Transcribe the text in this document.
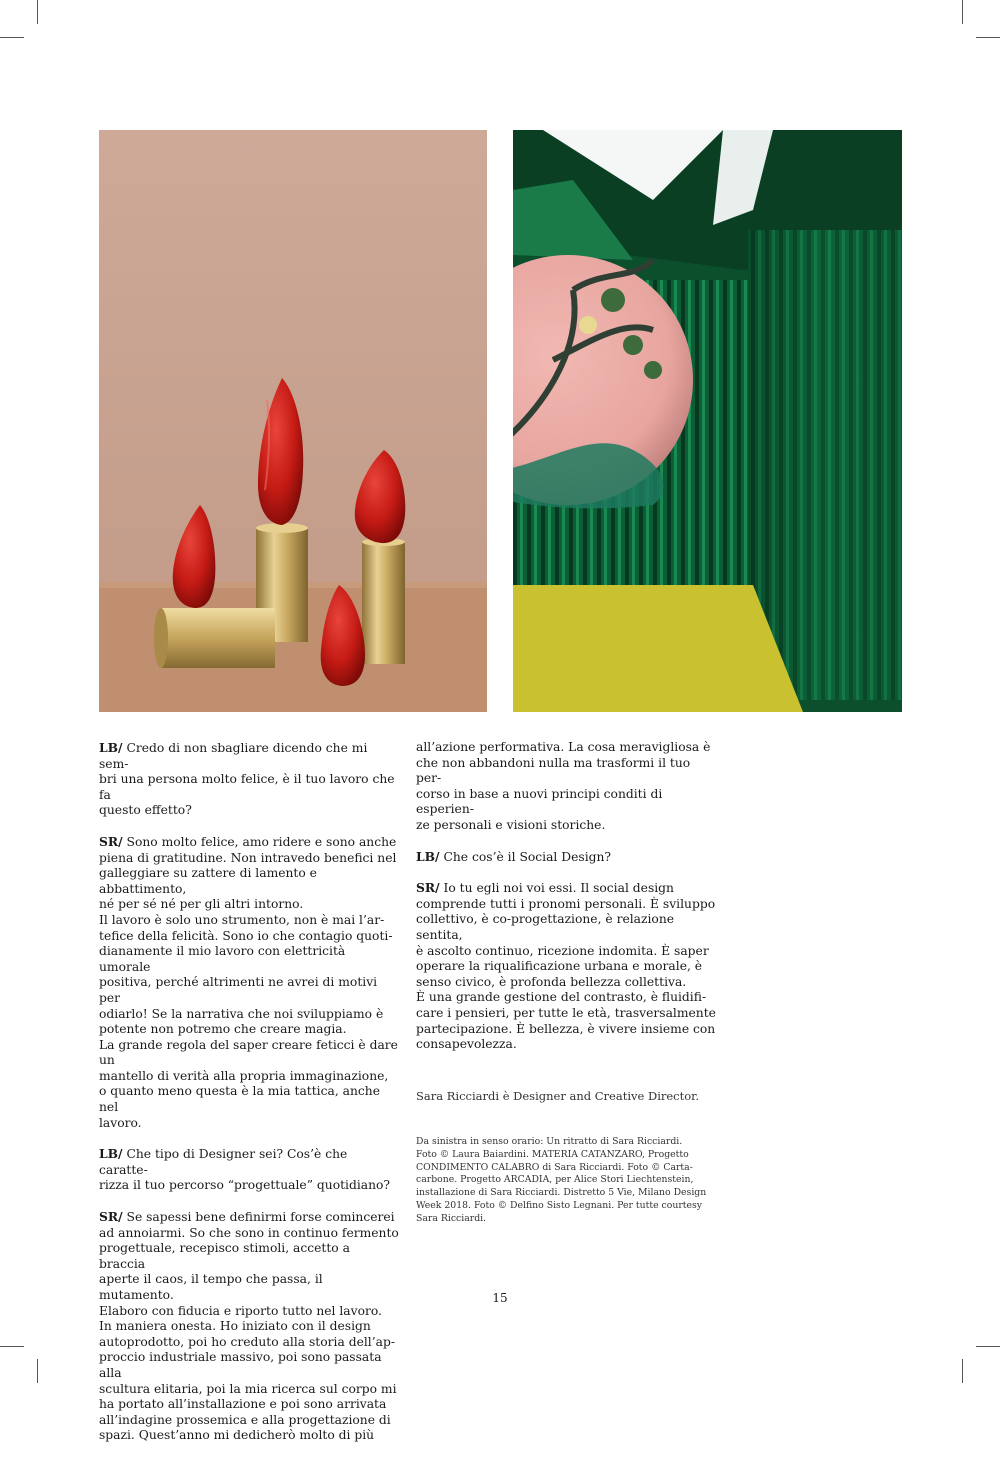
LB/ Credo di non sbagliare dicendo che mi sem-
bri una persona molto felice, è il tuo lavoro che fa
questo effetto?

SR/ Sono molto felice, amo ridere e sono anche
piena di gratitudine. Non intravedo benefici nel
galleggiare su zattere di lamento e abbattimento,
né per sé né per gli altri intorno.
Il lavoro è solo uno strumento, non è mai l’ar-
tefice della felicità. Sono io che contagio quoti-
dianamente il mio lavoro con elettricità umorale
positiva, perché altrimenti ne avrei di motivi per
odiarlo! Se la narrativa che noi sviluppiamo è
potente non potremo che creare magia.
La grande regola del saper creare feticci è dare un
mantello di verità alla propria immaginazione,
o quanto meno questa è la mia tattica, anche nel
lavoro.

LB/ Che tipo di Designer sei? Cos’è che caratte-
rizza il tuo percorso “progettuale” quotidiano?

SR/ Se sapessi bene definirmi forse comincerei
ad annoiarmi. So che sono in continuo fermento
progettuale, recepisco stimoli, accetto a braccia
aperte il caos, il tempo che passa, il mutamento.
Elaboro con fiducia e riporto tutto nel lavoro.
In maniera onesta. Ho iniziato con il design
autoprodotto, poi ho creduto alla storia dell’ap-
proccio industriale massivo, poi sono passata alla
scultura elitaria, poi la mia ricerca sul corpo mi
ha portato all’installazione e poi sono arrivata
all’indagine prossemica e alla progettazione di
spazi. Quest’anno mi dedicherò molto di più

all’azione performativa. La cosa meravigliosa è
che non abbandoni nulla ma trasformi il tuo per-
corso in base a nuovi principi conditi di esperien-
ze personali e visioni storiche.

LB/ Che cos’è il Social Design?

SR/ Io tu egli noi voi essi. Il social design
comprende tutti i pronomi personali. È sviluppo
collettivo, è co-progettazione, è relazione sentita,
è ascolto continuo, ricezione indomita. È saper
operare la riqualificazione urbana e morale, è
senso civico, è profonda bellezza collettiva.
È una grande gestione del contrasto, è fluidifi-
care i pensieri, per tutte le età, trasversalmente
partecipazione. È bellezza, è vivere insieme con
consapevolezza.

Sara Ricciardi è Designer and Creative Director.

Da sinistra in senso orario: Un ritratto di Sara Ricciardi.
Foto © Laura Baiardini. MATERIA CATANZARO, Progetto
CONDIMENTO CALABRO di Sara Ricciardi. Foto © Carta-
carbone. Progetto ARCADIA, per Alice Stori Liechtenstein,
installazione di Sara Ricciardi. Distretto 5 Vie, Milano Design
Week 2018. Foto © Delfino Sisto Legnani. Per tutte courtesy
Sara Ricciardi.
15
